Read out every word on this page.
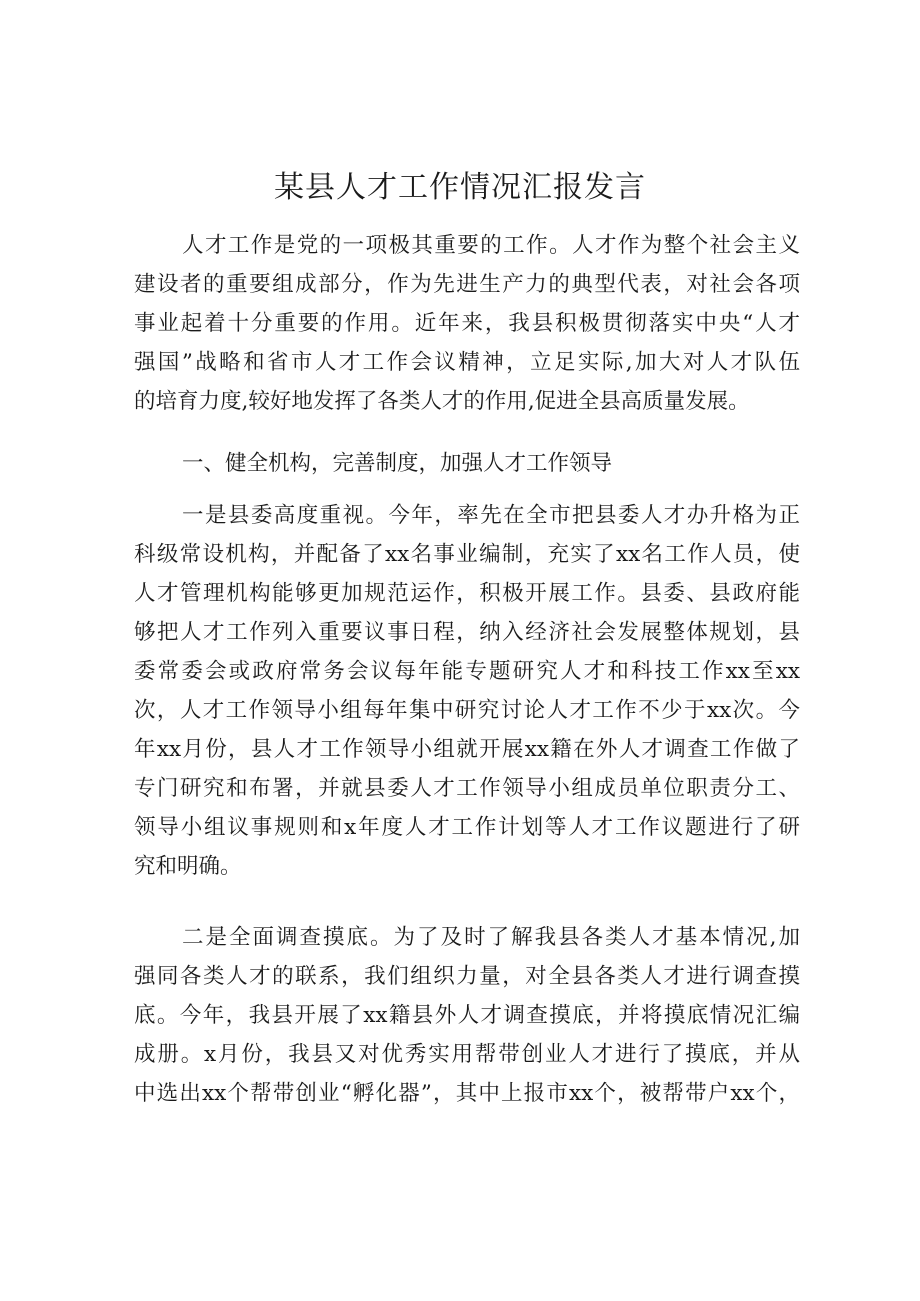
某县人才工作情况汇报发言
人才工作是党的一项极其重要的工作。人才作为整个社会主义
建设者的重要组成部分，作为先进生产力的典型代表，对社会各项
事业起着十分重要的作用。近年来，我县积极贯彻落实中央“人才
强国”战略和省市人才工作会议精神，立足实际,加大对人才队伍
的培育力度,较好地发挥了各类人才的作用,促进全县高质量发展。
一、健全机构，完善制度，加强人才工作领导
一是县委高度重视。今年，率先在全市把县委人才办升格为正
科级常设机构，并配备了xx名事业编制，充实了xx名工作人员，使
人才管理机构能够更加规范运作，积极开展工作。县委、县政府能
够把人才工作列入重要议事日程，纳入经济社会发展整体规划，县
委常委会或政府常务会议每年能专题研究人才和科技工作xx至xx
次，人才工作领导小组每年集中研究讨论人才工作不少于xx次。今
年xx月份，县人才工作领导小组就开展xx籍在外人才调查工作做了
专门研究和布署，并就县委人才工作领导小组成员单位职责分工、
领导小组议事规则和x年度人才工作计划等人才工作议题进行了研
究和明确。
二是全面调查摸底。为了及时了解我县各类人才基本情况,加
强同各类人才的联系，我们组织力量，对全县各类人才进行调查摸
底。今年，我县开展了xx籍县外人才调查摸底，并将摸底情况汇编
成册。x月份，我县又对优秀实用帮带创业人才进行了摸底，并从
中选出xx个帮带创业“孵化器”，其中上报市xx个，被帮带户xx个，
